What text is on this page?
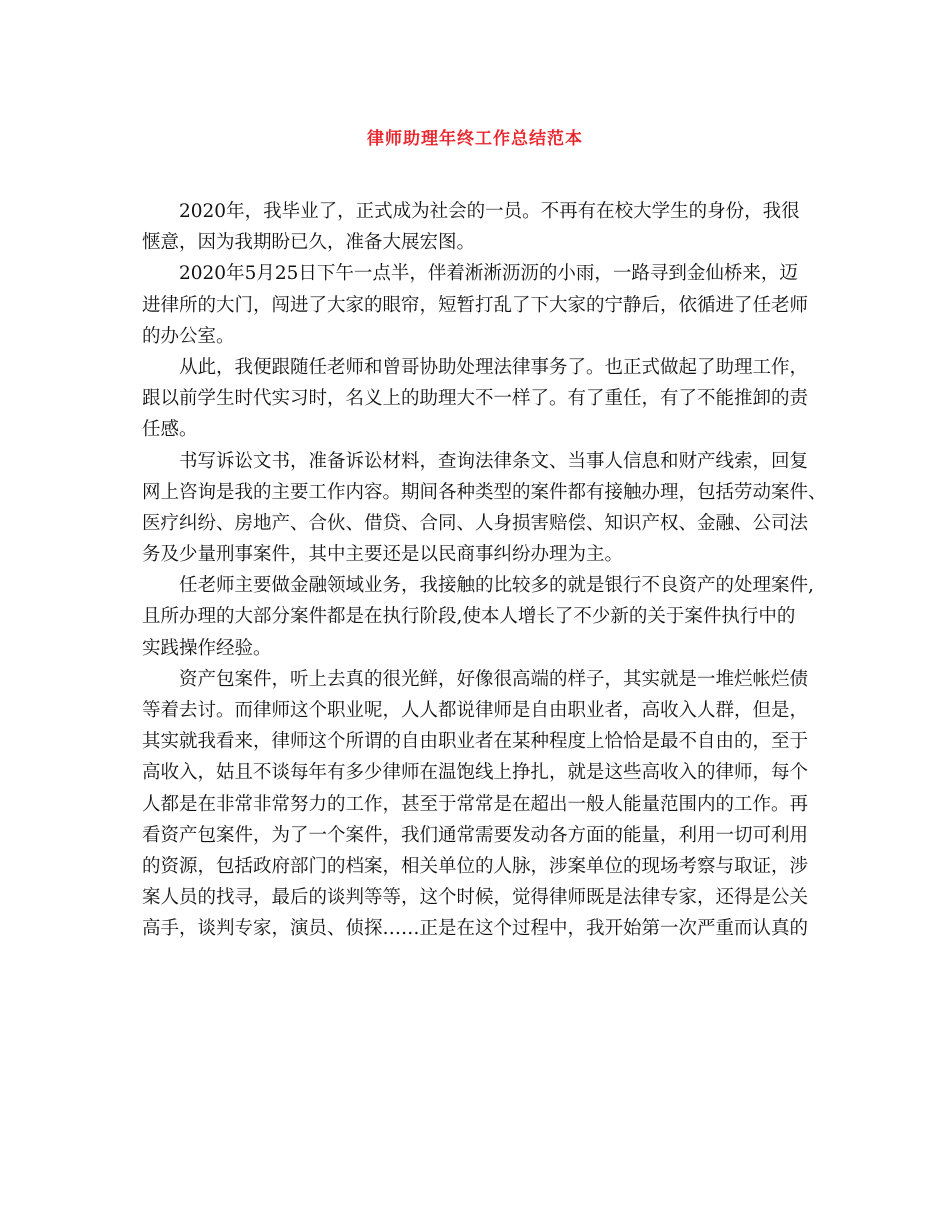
律师助理年终工作总结范本
2020年，我毕业了，正式成为社会的一员。不再有在校大学生的身份，我很
惬意，因为我期盼已久，准备大展宏图。
2020年5月25日下午一点半，伴着淅淅沥沥的小雨，一路寻到金仙桥来，迈
进律所的大门，闯进了大家的眼帘，短暂打乱了下大家的宁静后，依循进了任老师
的办公室。
从此，我便跟随任老师和曾哥协助处理法律事务了。也正式做起了助理工作，
跟以前学生时代实习时，名义上的助理大不一样了。有了重任，有了不能推卸的责
任感。
书写诉讼文书，准备诉讼材料，查询法律条文、当事人信息和财产线索，回复
网上咨询是我的主要工作内容。期间各种类型的案件都有接触办理，包括劳动案件、
医疗纠纷、房地产、合伙、借贷、合同、人身损害赔偿、知识产权、金融、公司法
务及少量刑事案件，其中主要还是以民商事纠纷办理为主。
任老师主要做金融领域业务，我接触的比较多的就是银行不良资产的处理案件,
且所办理的大部分案件都是在执行阶段,使本人增长了不少新的关于案件执行中的
实践操作经验。
资产包案件，听上去真的很光鲜，好像很高端的样子，其实就是一堆烂帐烂债
等着去讨。而律师这个职业呢，人人都说律师是自由职业者，高收入人群，但是，
其实就我看来，律师这个所谓的自由职业者在某种程度上恰恰是最不自由的，至于
高收入，姑且不谈每年有多少律师在温饱线上挣扎，就是这些高收入的律师，每个
人都是在非常非常努力的工作，甚至于常常是在超出一般人能量范围内的工作。再
看资产包案件，为了一个案件，我们通常需要发动各方面的能量，利用一切可利用
的资源，包括政府部门的档案，相关单位的人脉，涉案单位的现场考察与取证，涉
案人员的找寻，最后的谈判等等，这个时候，觉得律师既是法律专家，还得是公关
高手，谈判专家，演员、侦探……正是在这个过程中，我开始第一次严重而认真的
